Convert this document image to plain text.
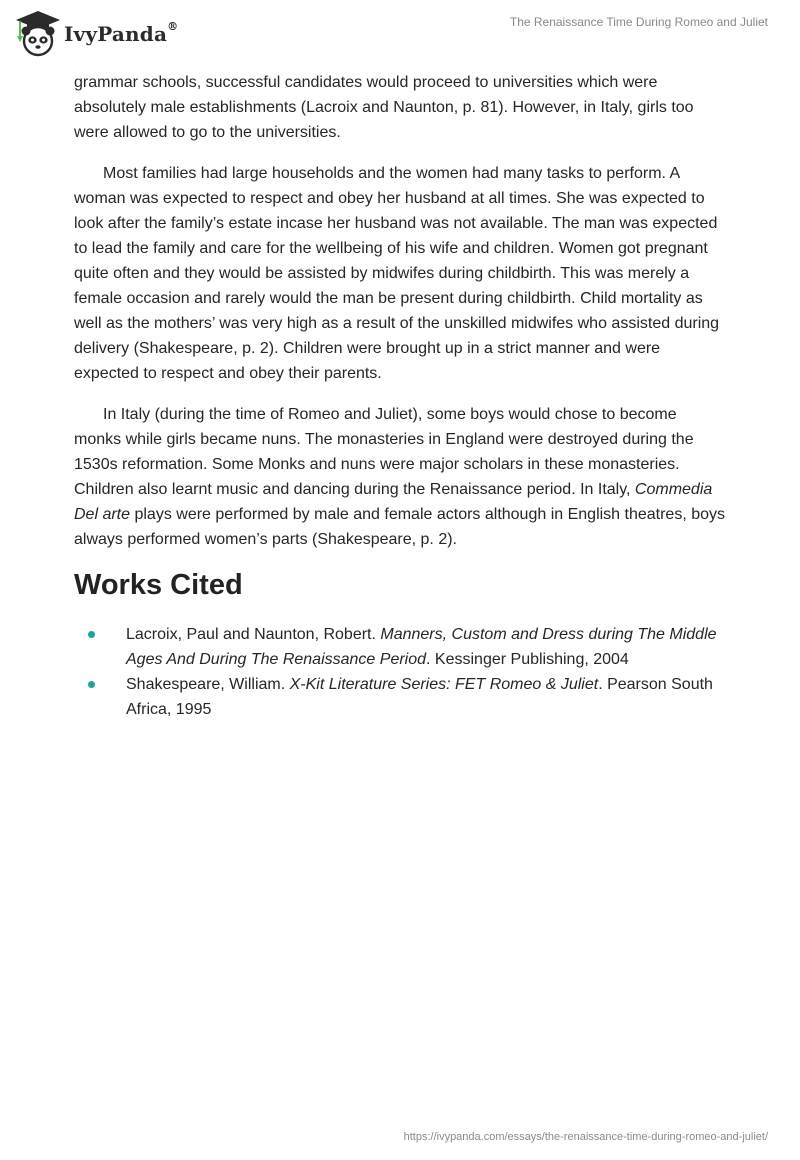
IvyPanda®	The Renaissance Time During Romeo and Juliet

grammar schools, successful candidates would proceed to universities which were absolutely male establishments (Lacroix and Naunton, p. 81). However, in Italy, girls too were allowed to go to the universities.

Most families had large households and the women had many tasks to perform. A woman was expected to respect and obey her husband at all times. She was expected to look after the family’s estate incase her husband was not available. The man was expected to lead the family and care for the wellbeing of his wife and children. Women got pregnant quite often and they would be assisted by midwifes during childbirth. This was merely a female occasion and rarely would the man be present during childbirth. Child mortality as well as the mothers’ was very high as a result of the unskilled midwifes who assisted during delivery (Shakespeare, p. 2). Children were brought up in a strict manner and were expected to respect and obey their parents.

In Italy (during the time of Romeo and Juliet), some boys would chose to become monks while girls became nuns. The monasteries in England were destroyed during the 1530s reformation. Some Monks and nuns were major scholars in these monasteries. Children also learnt music and dancing during the Renaissance period. In Italy, Commedia Del arte plays were performed by male and female actors although in English theatres, boys always performed women’s parts (Shakespeare, p. 2).

Works Cited
Lacroix, Paul and Naunton, Robert. Manners, Custom and Dress during The Middle Ages And During The Renaissance Period. Kessinger Publishing, 2004
Shakespeare, William. X-Kit Literature Series: FET Romeo & Juliet. Pearson South Africa, 1995
https://ivypanda.com/essays/the-renaissance-time-during-romeo-and-juliet/
